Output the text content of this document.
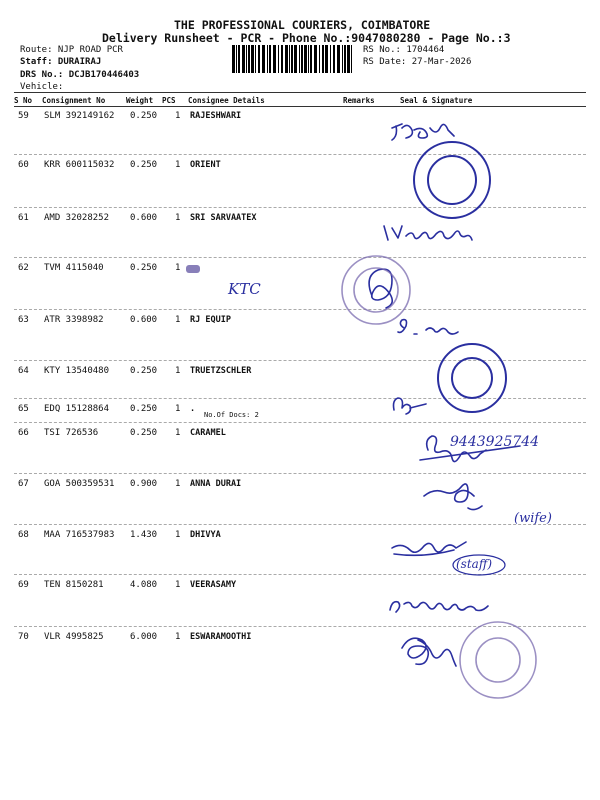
THE PROFESSIONAL COURIERS, COIMBATORE
Delivery Runsheet - PCR - Phone No.:9047080280 - Page No.:3
Route: NJP ROAD PCR
Staff: DURAIRAJ
DRS No.: DCJB170446403
Vehicle:
RS No.: 1704464
RS Date: 27-Mar-2026
S No Consignment No	Weight PCS Consignee Details	Remarks	Seal & Signature
59 SLM 392149162 0.250 1 RAJESHWARI
60 KRR 600115032 0.250 1 ORIENT
61 AMD 32028252 0.600 1 SRI SARVAATEX
62 TVM 4115040	0.250 1
63 ATR 3398982	0.600 1 RJ EQUIP
64 KTY 13540480 0.250 1 TRUETZSCHLER
65 EDQ 15128864 0.250 1 .
66 TSI 726536	0.250 1 CARAMEL
67 GOA 500359531 0.900 1 ANNA DURAI
68 MAA 716537983 1.430 1 DHIVYA
69 TEN 8150281	4.080 1 VEERASAMY
70 VLR 4995825	6.000 1 ESWARAMOOTHI
No.Of Docs: 2
KTC
9443925744
(wife)
(staff)
